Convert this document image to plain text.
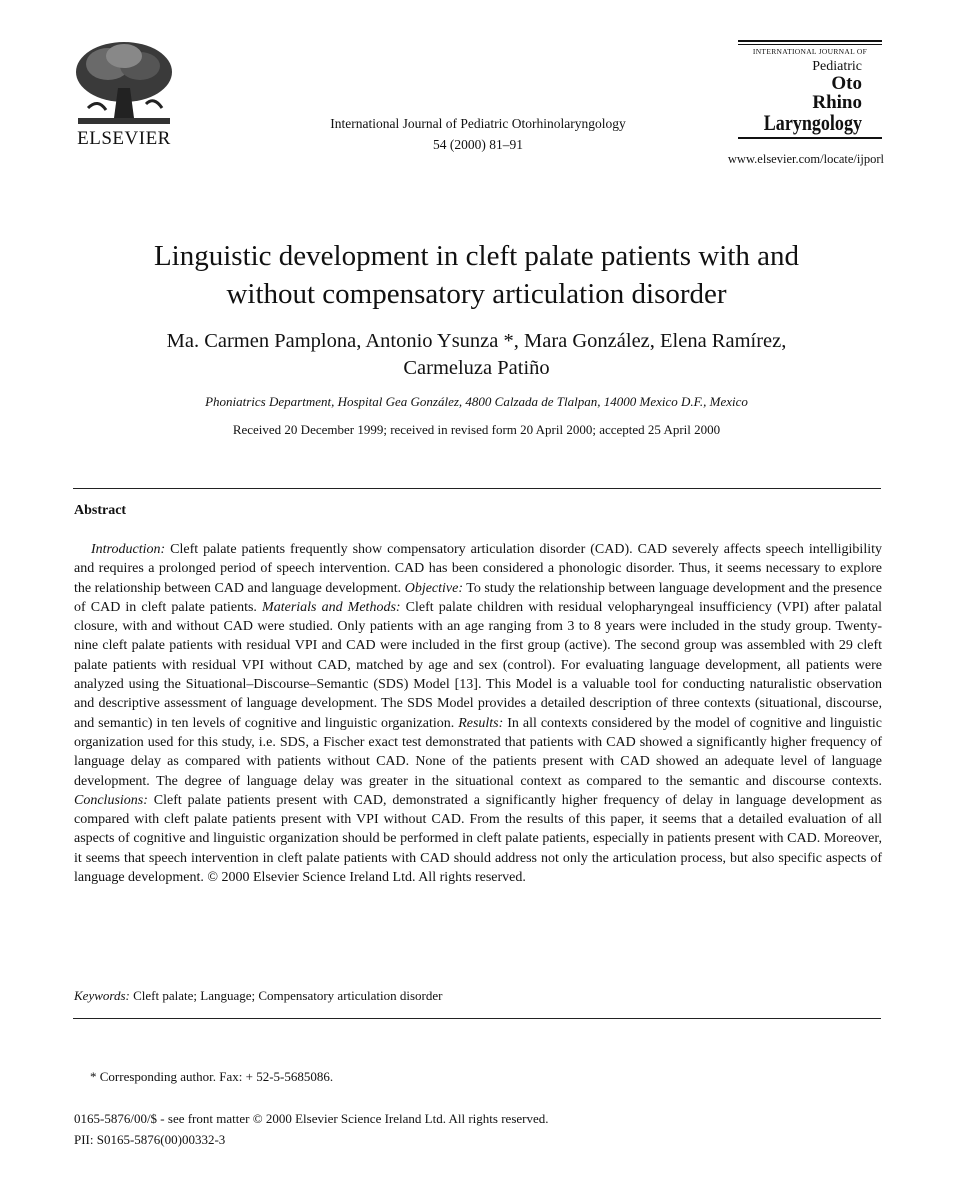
ELSEVIER
International Journal of Pediatric Otorhinolaryngology
54 (2000) 81–91
INTERNATIONAL JOURNAL OF
Pediatric
Oto
Rhino
Laryngology
www.elsevier.com/locate/ijporl
Linguistic development in cleft palate patients with and
without compensatory articulation disorder
Ma. Carmen Pamplona, Antonio Ysunza *, Mara González, Elena Ramírez,
Carmeluza Patiño
Phoniatrics Department, Hospital Gea González, 4800 Calzada de Tlalpan, 14000 Mexico D.F., Mexico
Received 20 December 1999; received in revised form 20 April 2000; accepted 25 April 2000
Abstract

Introduction: Cleft palate patients frequently show compensatory articulation disorder (CAD). CAD severely affects speech intelligibility and requires a prolonged period of speech intervention. CAD has been considered a phonologic disorder. Thus, it seems necessary to explore the relationship between CAD and language development. Objective: To study the relationship between language development and the presence of CAD in cleft palate patients. Materials and Methods: Cleft palate children with residual velopharyngeal insufficiency (VPI) after palatal closure, with and without CAD were studied. Only patients with an age ranging from 3 to 8 years were included in the study group. Twenty-nine cleft palate patients with residual VPI and CAD were included in the first group (active). The second group was assembled with 29 cleft palate patients with residual VPI without CAD, matched by age and sex (control). For evaluating language development, all patients were analyzed using the Situational–Discourse–Semantic (SDS) Model [13]. This Model is a valuable tool for conducting naturalistic observation and descriptive assessment of language development. The SDS Model provides a detailed description of three contexts (situational, discourse, and semantic) in ten levels of cognitive and linguistic organization. Results: In all contexts considered by the model of cognitive and linguistic organization used for this study, i.e. SDS, a Fischer exact test demonstrated that patients with CAD showed a significantly higher frequency of language delay as compared with patients without CAD. None of the patients present with CAD showed an adequate level of language development. The degree of language delay was greater in the situational context as compared to the semantic and discourse contexts. Conclusions: Cleft palate patients present with CAD, demonstrated a significantly higher frequency of delay in language development as compared with cleft palate patients present with VPI without CAD. From the results of this paper, it seems that a detailed evaluation of all aspects of cognitive and linguistic organization should be performed in cleft palate patients, especially in patients present with CAD. Moreover, it seems that speech intervention in cleft palate patients with CAD should address not only the articulation process, but also specific aspects of language development. © 2000 Elsevier Science Ireland Ltd. All rights reserved.

Keywords: Cleft palate; Language; Compensatory articulation disorder
* Corresponding author. Fax: + 52-5-5685086.
0165-5876/00/$ - see front matter © 2000 Elsevier Science Ireland Ltd. All rights reserved.
PII: S0165-5876(00)00332-3
